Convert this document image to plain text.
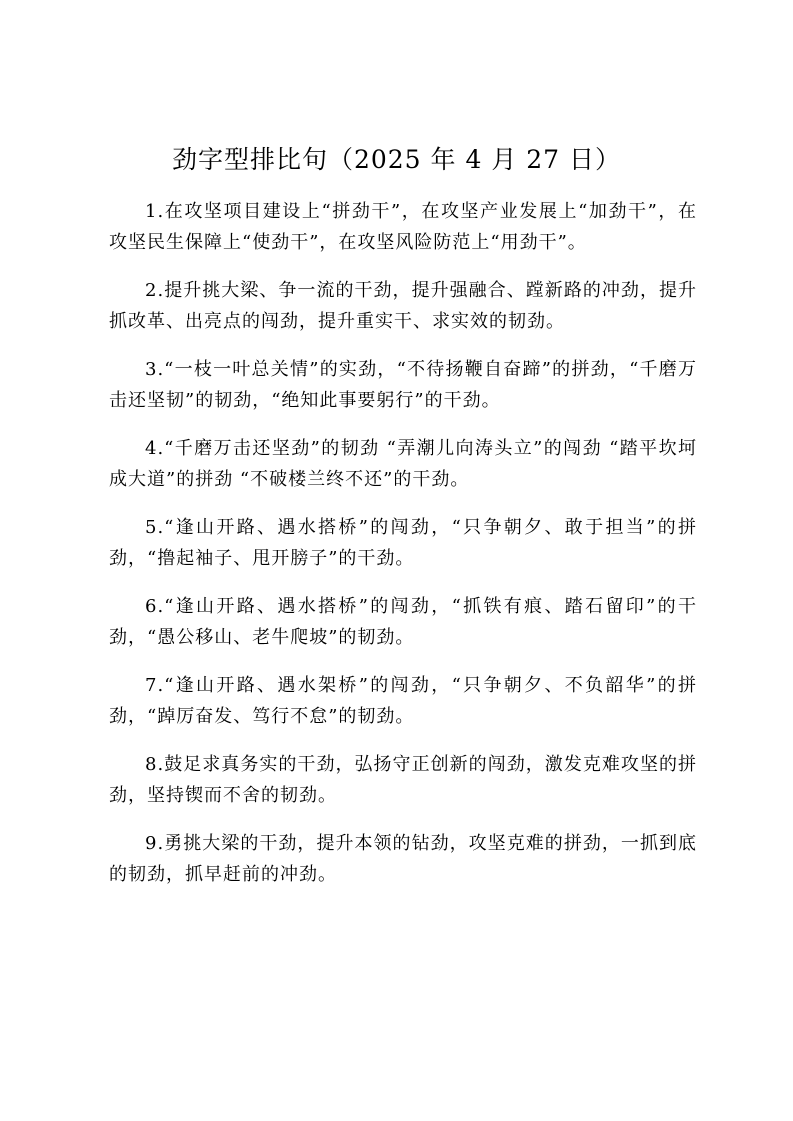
劲字型排比句（2025 年 4 月 27 日）
1.在攻坚项目建设上“拼劲干”，在攻坚产业发展上“加劲干”，在攻坚民生保障上“使劲干”，在攻坚风险防范上“用劲干”。
2.提升挑大梁、争一流的干劲，提升强融合、蹚新路的冲劲，提升抓改革、出亮点的闯劲，提升重实干、求实效的韧劲。
3.“一枝一叶总关情”的实劲，“不待扬鞭自奋蹄”的拼劲，“千磨万击还坚韧”的韧劲，“绝知此事要躬行”的干劲。
4.“千磨万击还坚劲”的韧劲 “弄潮儿向涛头立”的闯劲 “踏平坎坷成大道”的拼劲 “不破楼兰终不还”的干劲。
5.“逢山开路、遇水搭桥”的闯劲，“只争朝夕、敢于担当”的拼劲，“撸起袖子、甩开膀子”的干劲。
6.“逢山开路、遇水搭桥”的闯劲，“抓铁有痕、踏石留印”的干劲，“愚公移山、老牛爬坡”的韧劲。
7.“逢山开路、遇水架桥”的闯劲，“只争朝夕、不负韶华”的拼劲，“踔厉奋发、笃行不怠”的韧劲。
8.鼓足求真务实的干劲，弘扬守正创新的闯劲，激发克难攻坚的拼劲，坚持锲而不舍的韧劲。
9.勇挑大梁的干劲，提升本领的钻劲，攻坚克难的拼劲，一抓到底的韧劲，抓早赶前的冲劲。
